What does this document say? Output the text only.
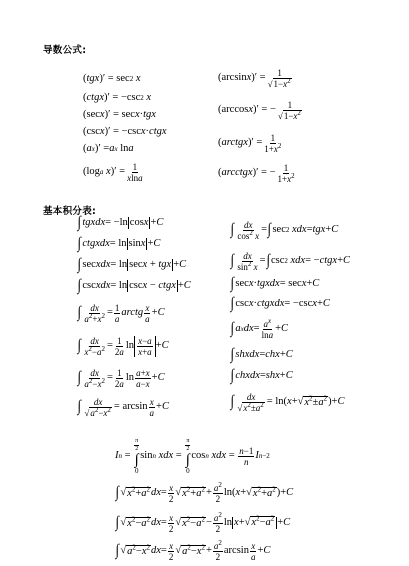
导数公式:
( tgx )′ = sec 2
x
( ctgx )′ = −csc 2
x
(sec x )′ = sec x · tgx
(csc x )′ = −csc x · ctgx
( a x )′ = a x ln a
(log a
x )′ = $\frac{1}{xlna}$
(arcsin x )′ = $\frac{1}{√1-x^2}$
(arccos x )′ = − $\frac{1}{√1-x^2}$
( arctgx )′ = $\frac{1}{1+x^2}$
( arcctgx )′ = − $\frac{1}{1+x^2}$
基本积分表:
∫ tgxdx = −ln cosx + C
∫ ctgxdx = ln sinx + C
∫ sec xdx = ln secx + tgx + C
∫ csc xdx = ln cscx − ctgx + C
∫ $\frac{dx}{a^2+x^2} = \frac{1}{a}$ arctg $\frac{x}{a} + C$
∫ $\frac{dx}{x^2-a^2} = \frac{1}{2a}$ $\ln \frac{x-a}{x+a} + C$
∫ $\frac{dx}{a^2-x^2} = \frac{1}{2a}$ $\ln \frac{a+x}{a-x} + C$
∫ $\frac{dx}{√a^2-x^2} = \arcsin \frac{x}{a} + C$
∫ $\frac{dx}{\cos^2 x}$ = ∫ sec 2
xdx = tgx + C
∫ $\frac{dx}{\sin^2 x}$ = ∫ csc 2
xdx = − ctgx + C
∫ sec x · tgxdx = sec x + C
∫ csc x · ctgxdx = −csc x + C
∫ a x dx = $\frac{a^x}{\ln a} + C$
∫ shxdx = chx + C
∫ chxdx = shx + C
∫ $\frac{dx}{√x^2\pm a^2} = \ln$( x +√ $x^2\pm a^2$ )+ C
I n =
$\frac{\pi}{2}$
∫
0
sin n
xdx =
$\frac{\pi}{2}$
∫
0
cos n
xdx = $\frac{n-1}{n}$ I n−2
∫ √ $x^2+a^2$ dx = $\frac{x}{2}$ √ $x^2+a^2 + \frac{a^2}{2} \ln$( x +√ $x^2+a^2$ )+ C
∫ √ $x^2-a^2$ dx = $\frac{x}{2}$ √ $x^2-a^2 - \frac{a^2}{2}$ $\ln x+√x^2-a^2 + C$
∫ √ $a^2-x^2$ dx = $\frac{x}{2}$ √ $a^2-x^2 + \frac{a^2}{2}$ $\arcsin \frac{x}{a} + C$
